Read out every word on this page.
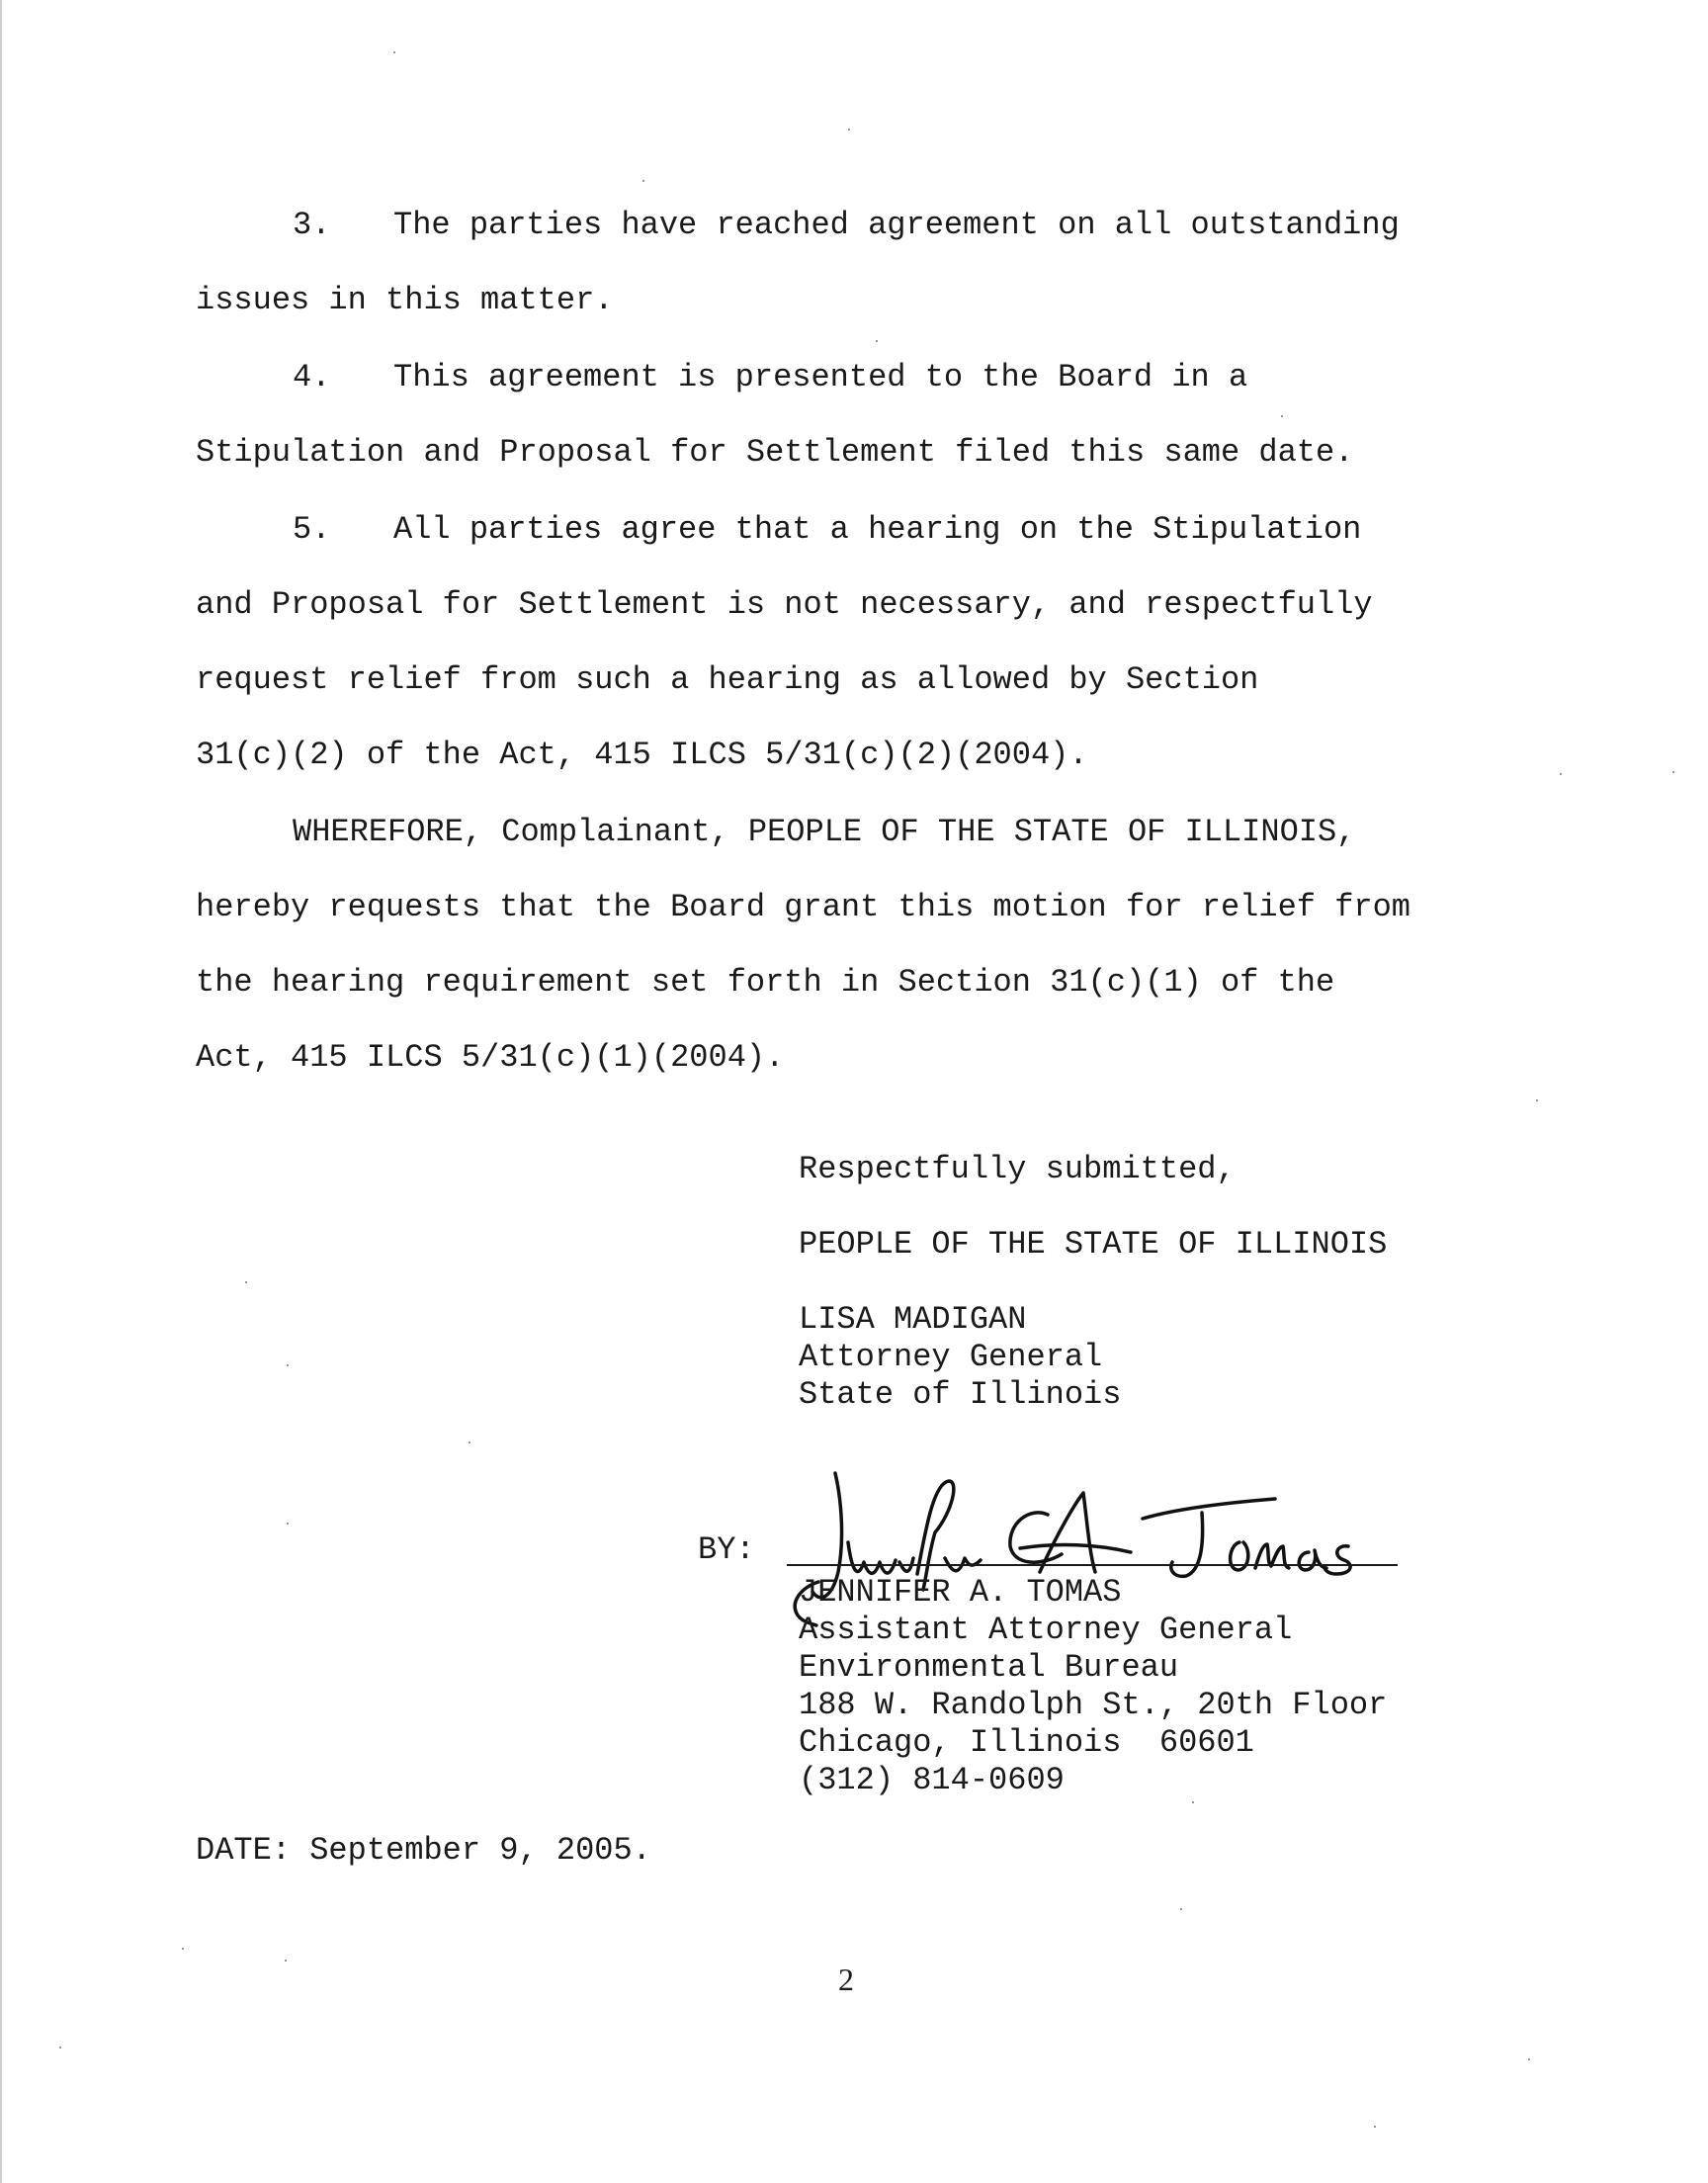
3. The parties have reached agreement on all outstanding
issues in this matter.
4. This agreement is presented to the Board in a
Stipulation and Proposal for Settlement filed this same date.
5. All parties agree that a hearing on the Stipulation
and Proposal for Settlement is not necessary, and respectfully
request relief from such a hearing as allowed by Section
31(c)(2) of the Act, 415 ILCS 5/31(c)(2)(2004).
WHEREFORE, Complainant, PEOPLE OF THE STATE OF ILLINOIS,
hereby requests that the Board grant this motion for relief from
the hearing requirement set forth in Section 31(c)(1) of the
Act, 415 ILCS 5/31(c)(1)(2004).
Respectfully submitted,
PEOPLE OF THE STATE OF ILLINOIS
LISA MADIGAN
Attorney General
State of Illinois
BY:
JENNIFER A. TOMAS
Assistant Attorney General
Environmental Bureau
188 W. Randolph St., 20th Floor
Chicago, Illinois  60601
(312) 814-0609
DATE: September 9, 2005.
2
